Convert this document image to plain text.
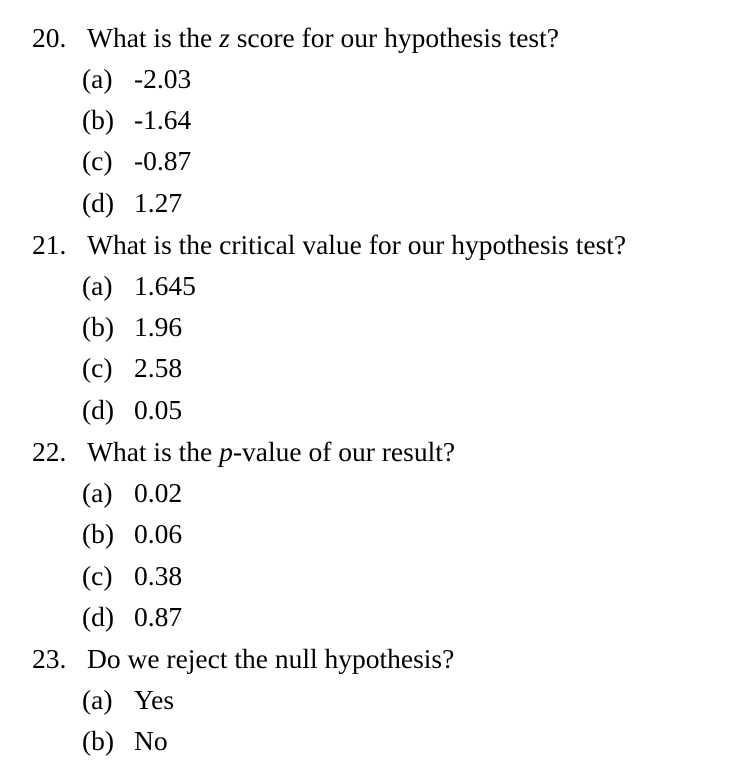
20. What is the z score for our hypothesis test?
(a) -2.03
(b) -1.64
(c) -0.87
(d) 1.27
21. What is the critical value for our hypothesis test?
(a) 1.645
(b) 1.96
(c) 2.58
(d) 0.05
22. What is the p-value of our result?
(a) 0.02
(b) 0.06
(c) 0.38
(d) 0.87
23. Do we reject the null hypothesis?
(a) Yes
(b) No
